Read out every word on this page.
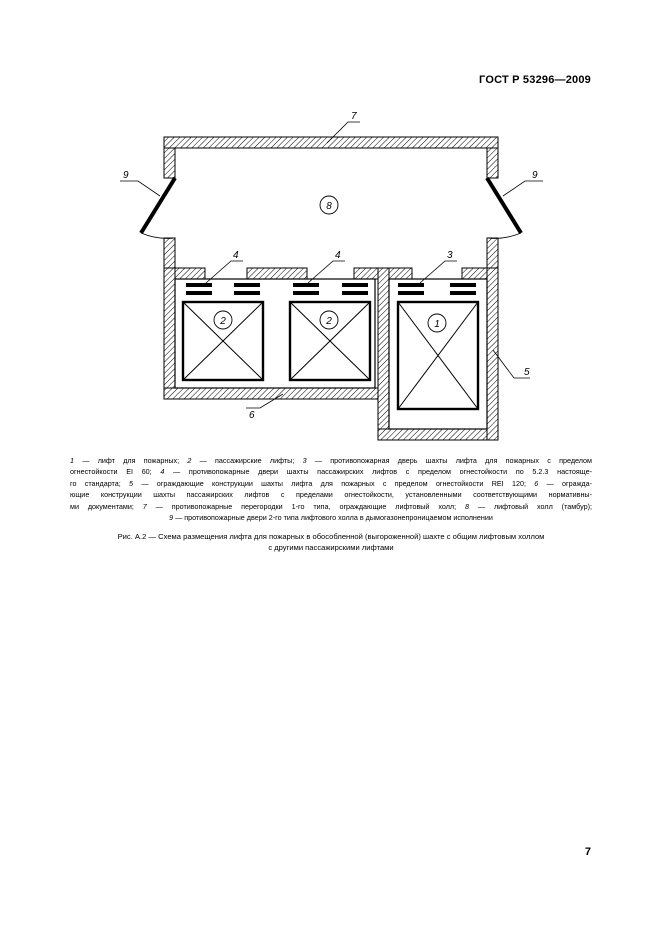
ГОСТ Р 53296—2009
8
2	2	1
7
9	9
4	4	3
5
6
1 — лифт для пожарных; 2 — пассажирские лифты; 3 — противопожарная дверь шахты лифта для пожарных с пределом
огнестойкости EI 60; 4 — противопожарные двери шахты пассажирских лифтов с пределом огнестойкости по 5.2.3 настояще-
го стандарта; 5 — ограждающие конструкции шахты лифта для пожарных с пределом огнестойкости REI 120; 6 — огражда-
ющие конструкции шахты пассажирских лифтов с пределами огнестойкости, установленными соответствующими нормативны-
ми документами; 7 — противопожарные перегородки 1-го типа, ограждающие лифтовый холл; 8 — лифтовый холл (тамбур);
9 — противопожарные двери 2-го типа лифтового холла в дымогазонепроницаемом исполнении
Рис. А.2 — Схема размещения лифта для пожарных в обособленной (выгороженной) шахте с общим лифтовым холлом
с другими пассажирскими лифтами
7
